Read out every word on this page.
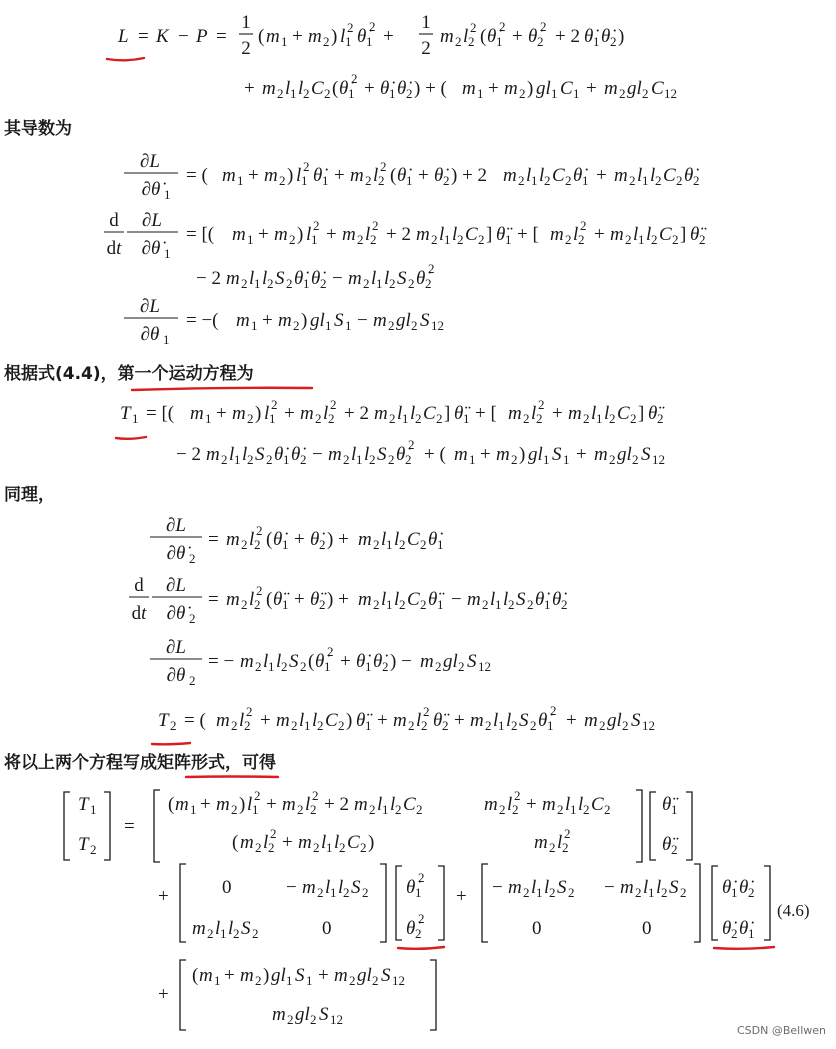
L = K − P =
1
2
( m 1 + m 2 ) l 1
2 θ̇ 1
2 +
1
2
m 2 l 2
2 ( θ̇ 1
2 + θ̇ 2
2 + 2 θ̇ 1 θ̇ 2 )
+ m 2 l 1 l 2 C 2 ( θ̇ 1
2 + θ̇ 1 θ̇ 2 ) + ( m 1 + m 2 ) gl 1 C 1 + m 2 gl 2 C 12
其导数为
∂L
∂θ̇ 1
= ( m 1 + m 2 ) l 1
2 θ̇ 1 + m 2 l 2
2 ( θ̇ 1 + θ̇ 2 ) + 2 m 2 l 1 l 2 C 2 θ̇ 1 + m 2 l 1 l 2 C 2 θ̇ 2
d
dt
∂L
∂θ̇ 1
= [( m 1 + m 2 ) l 1
2 + m 2 l 2
2 + 2 m 2 l 1 l 2 C 2 ] θ̈ 1 + [ m 2 l 2
2 + m 2 l 1 l 2 C 2 ] θ̈ 2
− 2 m 2 l 1 l 2 S 2 θ̇ 1 θ̇ 2 − m 2 l 1 l 2 S 2 θ̇ 2
2
∂L
∂θ 1
= −( m 1 + m 2 ) gl 1 S 1 − m 2 gl 2 S 12
根据式(4.4)，第一个运动方程为
T 1 = [( m 1 + m 2 ) l 1
2 + m 2 l 2
2 + 2 m 2 l 1 l 2 C 2 ] θ̈ 1 + [ m 2 l 2
2 + m 2 l 1 l 2 C 2 ] θ̈ 2
− 2 m 2 l 1 l 2 S 2 θ̇ 1 θ̇ 2 − m 2 l 1 l 2 S 2 θ̇ 2
2 + ( m 1 + m 2 ) gl 1 S 1 + m 2 gl 2 S 12
同理，
∂L
∂θ̇ 2
= m 2 l 2
2 ( θ̇ 1 + θ̇ 2 ) + m 2 l 1 l 2 C 2 θ̇ 1
d
dt
∂L
∂θ̇ 2
= m 2 l 2
2 ( θ̈ 1 + θ̈ 2 ) + m 2 l 1 l 2 C 2 θ̈ 1 − m 2 l 1 l 2 S 2 θ̇ 1 θ̇ 2
∂L
∂θ 2
= − m 2 l 1 l 2 S 2 ( θ̇ 1
2 + θ̇ 1 θ̇ 2 ) − m 2 gl 2 S 12
T 2 = ( m 2 l 2
2 + m 2 l 1 l 2 C 2 ) θ̈ 1 + m 2 l 2
2 θ̈ 2 + m 2 l 1 l 2 S 2 θ̇ 1
2 + m 2 gl 2 S 12
将以上两个方程写成矩阵形式，可得
T 1
T 2
=
( m 1 + m 2 ) l 1
2 + m 2 l 2
2 + 2 m 2 l 1 l 2 C 2	m 2 l 2
2 + m 2 l 1 l 2 C 2
( m 2 l 2
2 + m 2 l 1 l 2 C 2 )	m 2 l 2
2
θ̈ 1
θ̈ 2
+	0	− m 2 l 1 l 2 S 2
m 2 l 1 l 2 S 2	0
θ̇ 1
2
θ̇ 2
2
+ − m 2 l 1 l 2 S 2 − m 2 l 1 l 2 S 2
0	0
θ̇ 1 θ̇ 2
θ̇ 2 θ̇ 1
(4.6)
+
( m 1 + m 2 ) gl 1 S 1 + m 2 gl 2 S 12
m 2 gl 2 S 12
CSDN @Bellwen
